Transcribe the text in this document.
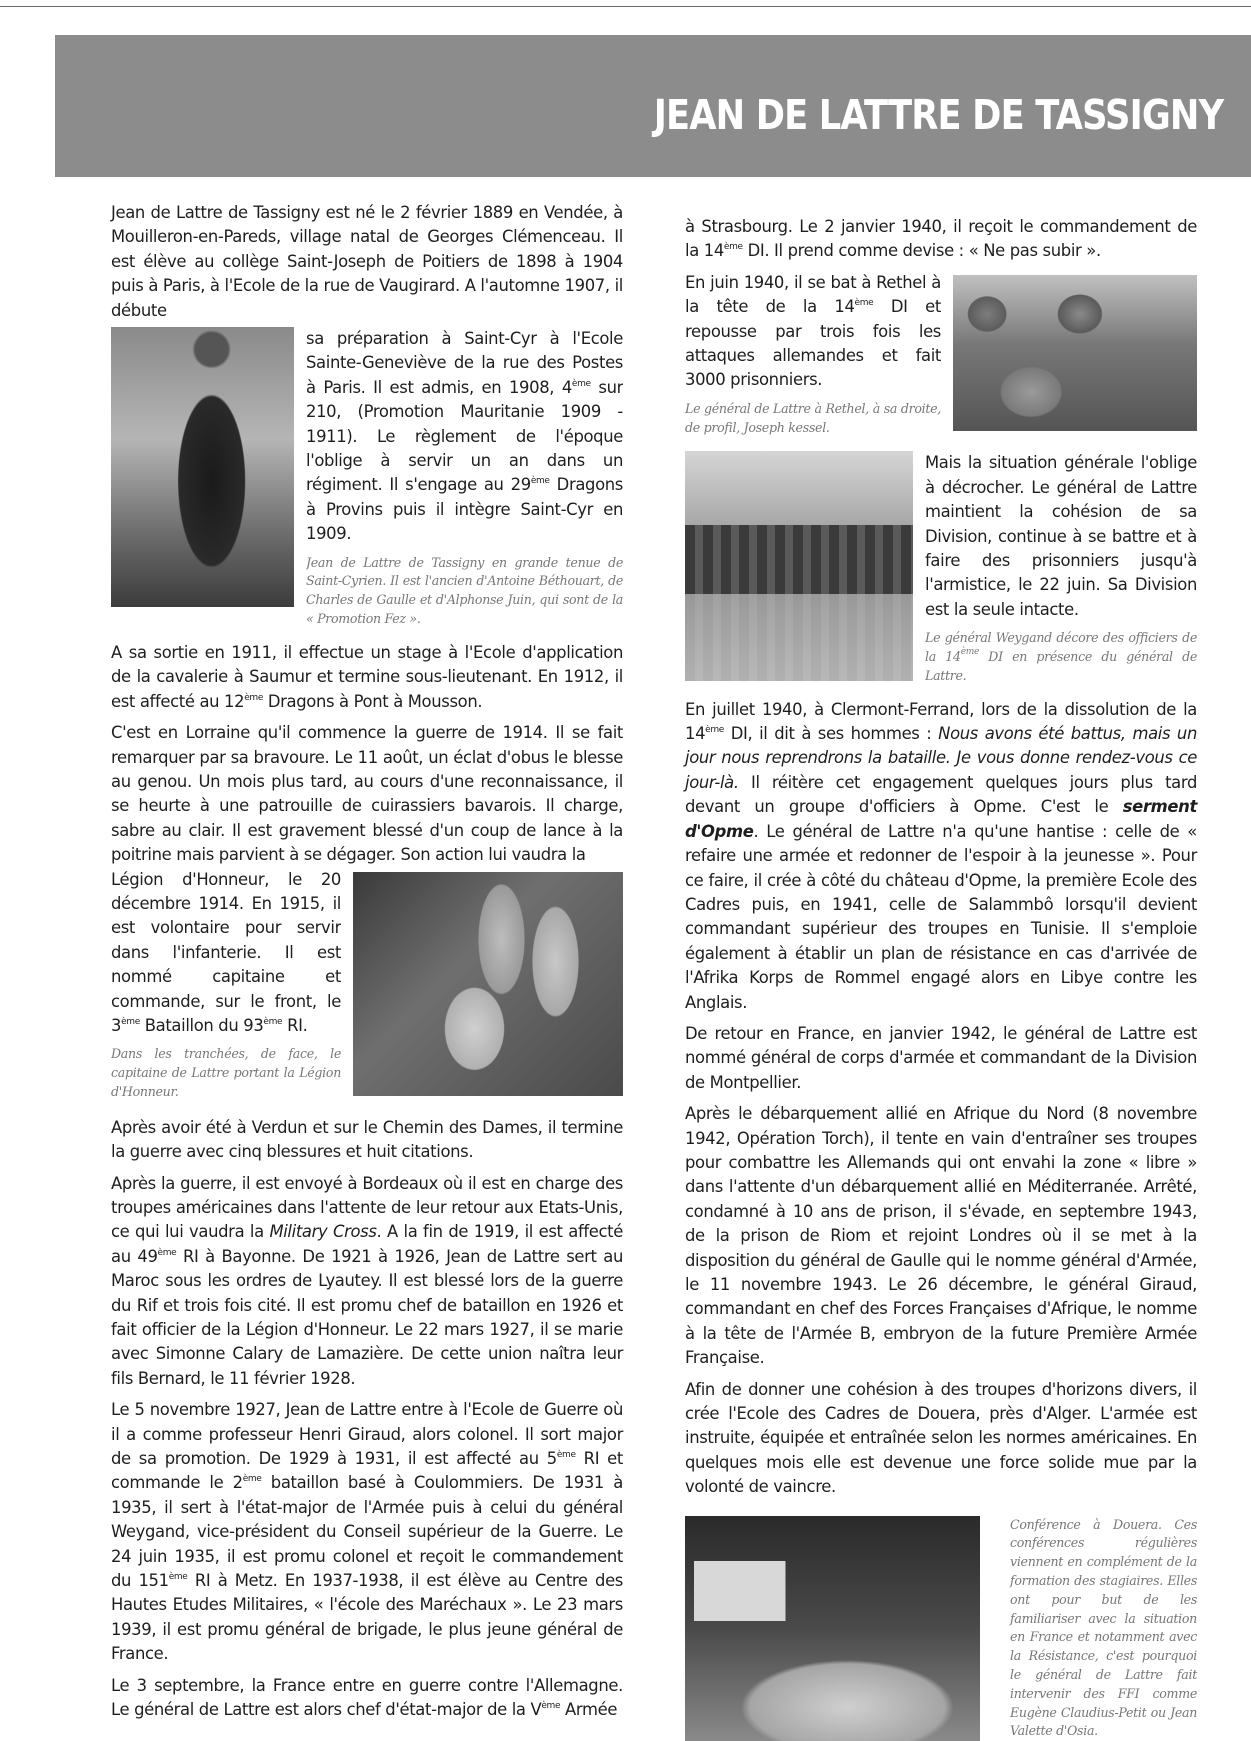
JEAN DE LATTRE DE TASSIGNY

Jean de Lattre de Tassigny est né le 2 février 1889 en Vendée, à Mouilleron-en-Pareds, village natal de Georges Clémenceau. Il est élève au collège Saint-Joseph de Poitiers de 1898 à 1904 puis à Paris, à l'Ecole de la rue de Vaugirard. A l'automne 1907, il débute

sa préparation à Saint-Cyr à l'Ecole Sainte-Geneviève de la rue des Postes à Paris. Il est admis, en 1908, 4ème sur 210, (Promotion Mauritanie 1909 - 1911). Le règlement de l'époque l'oblige à servir un an dans un régiment. Il s'engage au 29ème Dragons à Provins puis il intègre Saint-Cyr en 1909.

Jean de Lattre de Tassigny en grande tenue de Saint-Cyrien. Il est l'ancien d'Antoine Béthouart, de Charles de Gaulle et d'Alphonse Juin, qui sont de la « Promotion Fez ».

A sa sortie en 1911, il effectue un stage à l'Ecole d'application de la cavalerie à Saumur et termine sous-lieutenant. En 1912, il est affecté au 12ème Dragons à Pont à Mousson.

C'est en Lorraine qu'il commence la guerre de 1914. Il se fait remarquer par sa bravoure. Le 11 août, un éclat d'obus le blesse au genou. Un mois plus tard, au cours d'une reconnaissance, il se heurte à une patrouille de cuirassiers bavarois. Il charge, sabre au clair. Il est gravement blessé d'un coup de lance à la poitrine mais parvient à se dégager. Son action lui vaudra la

Légion d'Honneur, le 20 décembre 1914. En 1915, il est volontaire pour servir dans l'infanterie. Il est nommé capitaine et commande, sur le front, le 3ème Bataillon du 93ème RI.

Dans les tranchées, de face, le capitaine de Lattre portant la Légion d'Honneur.

Après avoir été à Verdun et sur le Chemin des Dames, il termine la guerre avec cinq blessures et huit citations.

Après la guerre, il est envoyé à Bordeaux où il est en charge des troupes américaines dans l'attente de leur retour aux Etats-Unis, ce qui lui vaudra la Military Cross. A la fin de 1919, il est affecté au 49ème RI à Bayonne. De 1921 à 1926, Jean de Lattre sert au Maroc sous les ordres de Lyautey. Il est blessé lors de la guerre du Rif et trois fois cité. Il est promu chef de bataillon en 1926 et fait officier de la Légion d'Honneur. Le 22 mars 1927, il se marie avec Simonne Calary de Lamazière. De cette union naîtra leur fils Bernard, le 11 février 1928.

Le 5 novembre 1927, Jean de Lattre entre à l'Ecole de Guerre où il a comme professeur Henri Giraud, alors colonel. Il sort major de sa promotion. De 1929 à 1931, il est affecté au 5ème RI et commande le 2ème bataillon basé à Coulommiers. De 1931 à 1935, il sert à l'état-major de l'Armée puis à celui du général Weygand, vice-président du Conseil supérieur de la Guerre. Le 24 juin 1935, il est promu colonel et reçoit le commandement du 151ème RI à Metz. En 1937-1938, il est élève au Centre des Hautes Etudes Militaires, « l'école des Maréchaux ». Le 23 mars 1939, il est promu général de brigade, le plus jeune général de France.

Le 3 septembre, la France entre en guerre contre l'Allemagne. Le général de Lattre est alors chef d'état-major de la Vème Armée

à Strasbourg. Le 2 janvier 1940, il reçoit le commandement de la 14ème DI. Il prend comme devise : « Ne pas subir ».

En juin 1940, il se bat à Rethel à la tête de la 14ème DI et repousse par trois fois les attaques allemandes et fait 3000 prisonniers.

Le général de Lattre à Rethel, à sa droite, de profil, Joseph kessel.

Mais la situation générale l'oblige à décrocher. Le général de Lattre maintient la cohésion de sa Division, continue à se battre et à faire des prisonniers jusqu'à l'armistice, le 22 juin. Sa Division est la seule intacte.

Le général Weygand décore des officiers de la 14ème DI en présence du général de Lattre.

En juillet 1940, à Clermont-Ferrand, lors de la dissolution de la 14ème DI, il dit à ses hommes : Nous avons été battus, mais un jour nous reprendrons la bataille. Je vous donne rendez-vous ce jour-là. Il réitère cet engagement quelques jours plus tard devant un groupe d'officiers à Opme. C'est le serment d'Opme. Le général de Lattre n'a qu'une hantise : celle de « refaire une armée et redonner de l'espoir à la jeunesse ». Pour ce faire, il crée à côté du château d'Opme, la première Ecole des Cadres puis, en 1941, celle de Salammbô lorsqu'il devient commandant supérieur des troupes en Tunisie. Il s'emploie également à établir un plan de résistance en cas d'arrivée de l'Afrika Korps de Rommel engagé alors en Libye contre les Anglais.

De retour en France, en janvier 1942, le général de Lattre est nommé général de corps d'armée et commandant de la Division de Montpellier.

Après le débarquement allié en Afrique du Nord (8 novembre 1942, Opération Torch), il tente en vain d'entraîner ses troupes pour combattre les Allemands qui ont envahi la zone « libre » dans l'attente d'un débarquement allié en Méditerranée. Arrêté, condamné à 10 ans de prison, il s'évade, en septembre 1943, de la prison de Riom et rejoint Londres où il se met à la disposition du général de Gaulle qui le nomme général d'Armée, le 11 novembre 1943. Le 26 décembre, le général Giraud, commandant en chef des Forces Françaises d'Afrique, le nomme à la tête de l'Armée B, embryon de la future Première Armée Française.

Afin de donner une cohésion à des troupes d'horizons divers, il crée l'Ecole des Cadres de Douera, près d'Alger. L'armée est instruite, équipée et entraînée selon les normes américaines. En quelques mois elle est devenue une force solide mue par la volonté de vaincre.

Conférence à Douera. Ces conférences régulières viennent en complément de la formation des stagiaires. Elles ont pour but de les familiariser avec la situation en France et notamment avec la Résistance, c'est pourquoi le général de Lattre fait intervenir des FFI comme Eugène Claudius-Petit ou Jean Valette d'Osia.
